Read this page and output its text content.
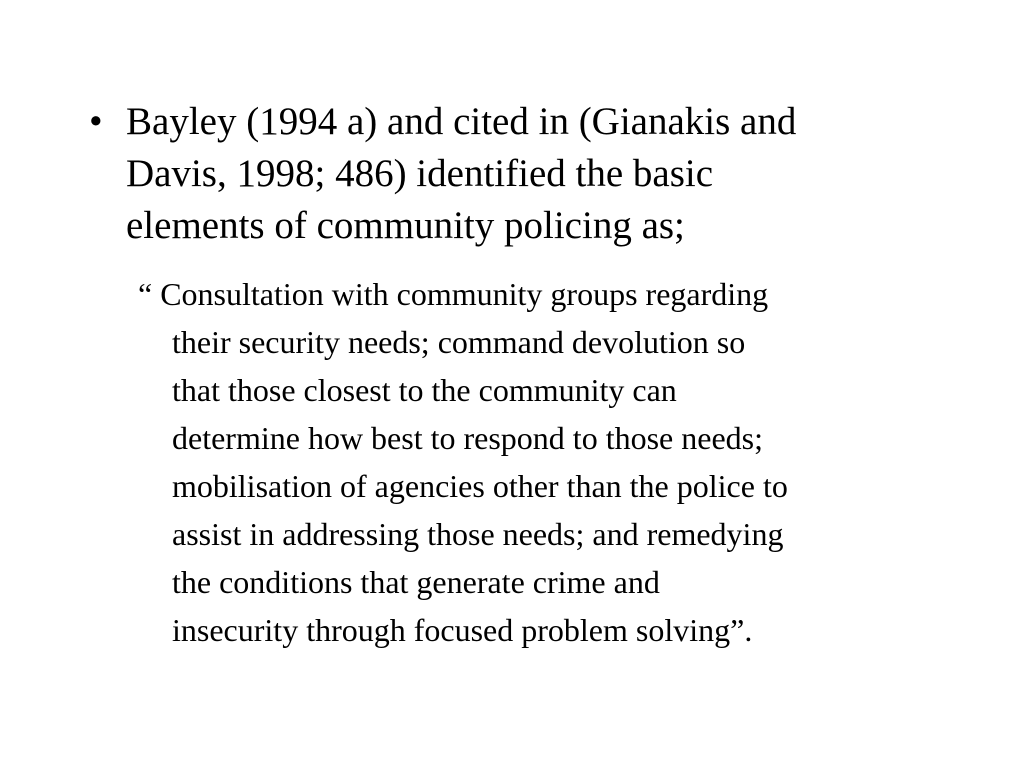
• Bayley (1994 a) and cited in (Gianakis and
Davis, 1998; 486) identified the basic
elements of community policing as;
“ Consultation with community groups regarding
their security needs; command devolution so
that those closest to the community can
determine how best to respond to those needs;
mobilisation of agencies other than the police to
assist in addressing those needs; and remedying
the conditions that generate crime and
insecurity through focused problem solving”.
